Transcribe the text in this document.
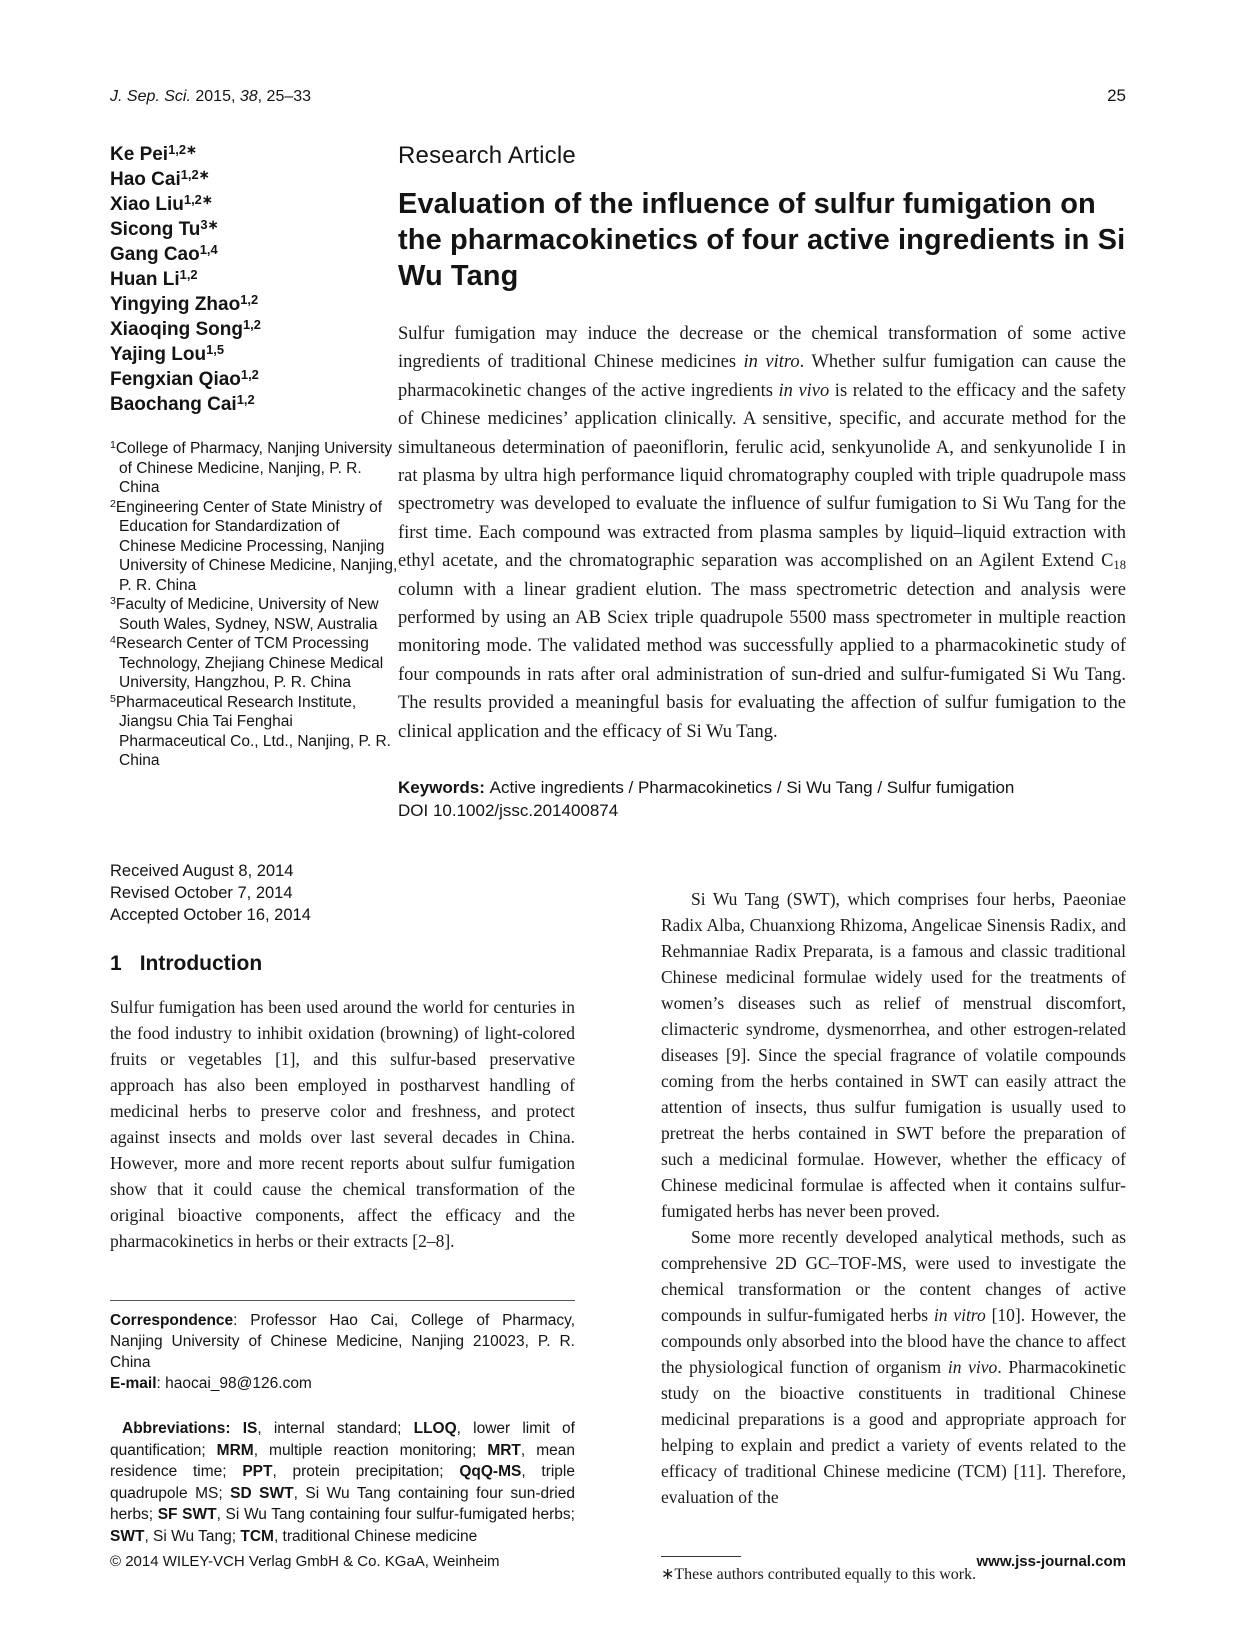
J. Sep. Sci. 2015, 38, 25–33	25
Ke Pei$^{1,2∗}$
Hao Cai$^{1,2∗}$
Xiao Liu$^{1,2∗}$
Sicong $Tu^{3∗}$
Gang Cao$^{1,4}$
Huan Li$^{1,2}$
Yingying Zhao$^{1,2}$
Xiaoqing Song$^{1,2}$
Yajing Lou$^{1,5}$
Fengxian Qiao$^{1,2}$
Baochang Cai$^{1,2}$
$^1$College of Pharmacy, Nanjing University of Chinese Medicine, Nanjing, P. R. China
$^2$Engineering Center of State Ministry of Education for Standardization of Chinese Medicine Processing, Nanjing University of Chinese Medicine, Nanjing, P. R. China
$^3$Faculty of Medicine, University of New South Wales, Sydney, NSW, Australia
$^4$Research Center of TCM Processing Technology, Zhejiang Chinese Medical University, Hangzhou, P. R. China
$^5$Pharmaceutical Research Institute, Jiangsu Chia Tai Fenghai Pharmaceutical Co., Ltd., Nanjing, P. R. China
Research Article
Evaluation of the influence of sulfur fumigation on the pharmacokinetics of four active ingredients in Si Wu Tang

Sulfur fumigation may induce the decrease or the chemical transformation of some active ingredients of traditional Chinese medicines in vitro. Whether sulfur fumigation can cause the pharmacokinetic changes of the active ingredients in vivo is related to the efficacy and the safety of Chinese medicines’ application clinically. A sensitive, specific, and accurate method for the simultaneous determination of paeoniflorin, ferulic acid, senkyunolide A, and senkyunolide I in rat plasma by ultra high performance liquid chromatography coupled with triple quadrupole mass spectrometry was developed to evaluate the influence of sulfur fumigation to Si Wu Tang for the first time. Each compound was extracted from plasma samples by liquid–liquid extraction with ethyl acetate, and the chromatographic separation was accomplished on an Agilent Extend $C_{18}$ column with a linear gradient elution. The mass spectrometric detection and analysis were performed by using an AB Sciex triple quadrupole 5500 mass spectrometer in multiple reaction monitoring mode. The validated method was successfully applied to a pharmacokinetic study of four compounds in rats after oral administration of sun-dried and sulfur-fumigated Si Wu Tang. The results provided a meaningful basis for evaluating the affection of sulfur fumigation to the clinical application and the efficacy of Si Wu Tang.

Keywords: Active ingredients / Pharmacokinetics / Si Wu Tang / Sulfur fumigation
DOI 10.1002/jssc.201400874
Received August 8, 2014
Revised October 7, 2014
Accepted October 16, 2014
1 Introduction

Sulfur fumigation has been used around the world for centuries in the food industry to inhibit oxidation (browning) of light-colored fruits or vegetables [1], and this sulfur-based preservative approach has also been employed in postharvest handling of medicinal herbs to preserve color and freshness, and protect against insects and molds over last several decades in China. However, more and more recent reports about sulfur fumigation show that it could cause the chemical transformation of the original bioactive components, affect the efficacy and the pharmacokinetics in herbs or their extracts [2–8].

Correspondence: Professor Hao Cai, College of Pharmacy, Nanjing University of Chinese Medicine, Nanjing 210023, P. R. China

E-mail: haocai_98@126.com

Abbreviations: IS, internal standard; LLOQ, lower limit of quantification; MRM, multiple reaction monitoring; MRT, mean residence time; PPT, protein precipitation; QqQ-MS, triple quadrupole MS; SD SWT, Si Wu Tang containing four sun-dried herbs; SF SWT, Si Wu Tang containing four sulfur-fumigated herbs; SWT, Si Wu Tang; TCM, traditional Chinese medicine

Si Wu Tang (SWT), which comprises four herbs, Paeoniae Radix Alba, Chuanxiong Rhizoma, Angelicae Sinensis Radix, and Rehmanniae Radix Preparata, is a famous and classic traditional Chinese medicinal formulae widely used for the treatments of women’s diseases such as relief of menstrual discomfort, climacteric syndrome, dysmenorrhea, and other estrogen-related diseases [9]. Since the special fragrance of volatile compounds coming from the herbs contained in SWT can easily attract the attention of insects, thus sulfur fumigation is usually used to pretreat the herbs contained in SWT before the preparation of such a medicinal formulae. However, whether the efficacy of Chinese medicinal formulae is affected when it contains sulfur-fumigated herbs has never been proved.

Some more recently developed analytical methods, such as comprehensive 2D GC–TOF-MS, were used to investigate the chemical transformation or the content changes of active compounds in sulfur-fumigated herbs in vitro [10]. However, the compounds only absorbed into the blood have the chance to affect the physiological function of organism in vivo. Pharmacokinetic study on the bioactive constituents in traditional Chinese medicinal preparations is a good and appropriate approach for helping to explain and predict a variety of events related to the efficacy of traditional Chinese medicine (TCM) [11]. Therefore, evaluation of the

∗These authors contributed equally to this work.

© 2014 WILEY-VCH Verlag GmbH & Co. KGaA, Weinheim	www.jss-journal.com
